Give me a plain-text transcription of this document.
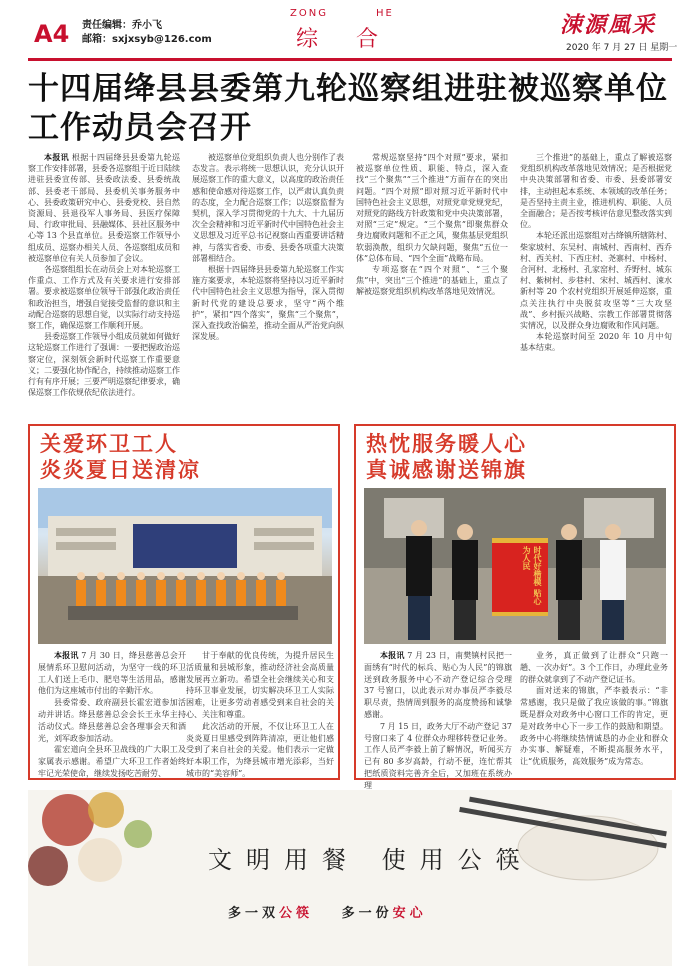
A4 责任编辑：乔小飞
邮箱：sxjxsyb@126.com
ZONG	HE
综合
涑源風采
2020 年 7 月 27 日 星期一
十四届绛县县委第九轮巡察组进驻被巡察单位工作动员会召开

本报讯 根据十四届绛县县委第九轮巡察工作安排部署，县委各巡察组于近日陆续进驻县委宣传部、县委政法委、县委统战部、县委老干部局、县委机关事务服务中心、县委政策研究中心、县委党校、县自然资源局、县退役军人事务局、县医疗保障局、行政审批局、县融媒体、县社区服务中心等 13 个县直单位。县委巡察工作领导小组成员、巡察办相关人员、各巡察组成员和被巡察单位有关人员参加了会议。

各巡察组组长在动员会上对本轮巡察工作重点、工作方式及有关要求进行安排部署。要求被巡察单位领导干部强化政治责任和政治担当，增强自觉接受监督的意识和主动配合巡察的思想自觉，以实际行动支持巡察工作，确保巡察工作顺利开展。

县委巡察工作领导小组成员就如何做好这轮巡察工作进行了强调：一要把握政治巡察定位，深刻领会新时代巡察工作重要意义；二要强化协作配合，持续推动巡察工作行有有序开展；三要严明巡察纪律要求，确保巡察工作依规依纪依法进行。

被巡察单位党组织负责人也分别作了表态发言。表示将统一思想认识，充分认识开展巡察工作的重大意义，以高度的政治责任感和使命感对待巡察工作，以严肃认真负责的态度，全力配合巡察工作；以巡察监督为契机，深入学习贯彻党的十九大、十九届历次全会精神和习近平新时代中国特色社会主义思想及习近平总书记视察山西重要讲话精神，与落实省委、市委、县委各项重大决策部署相结合。

根据十四届绛县县委第九轮巡察工作实施方案要求，本轮巡察将坚持以习近平新时代中国特色社会主义思想为指导，深入贯彻新时代党的建设总要求，坚守“两个维护”，紧扣“四个落实”，聚焦“三个聚焦”，深入查找政治偏差，推动全面从严治党向纵深发展。

常规巡察坚持“四个对照”要求，紧扣被巡察单位性质、职能、特点，深入查找“三个聚焦”“三个推进”方面存在的突出问题。“四个对照”即对照习近平新时代中国特色社会主义思想，对照党章党规党纪，对照党的路线方针政策和党中央决策部署，对照“三定”规定。“三个聚焦”即聚焦群众身边腐败问题和不正之风，聚焦基层党组织软弱涣散，组织力欠缺问题，聚焦“五位一体”总体布局、“四个全面”战略布局。

专项巡察在“四个对照”、“三个聚焦”中，突出“三个推进”的基础上，重点了解被巡察党组织机构改革落地见效情况。

三个推进”的基础上，重点了解被巡察党组织机构改革落地见效情况；是否根据党中央决策部署和省委、市委、县委部署安排，主动担起本系统、本领域的改革任务；是否坚持主责主业，推进机构、职能、人员全面融合；是否按考核评估意见整改落实到位。

本轮还派出巡察组对古绛镇所辖陈村、柴家坡村、东吴村、南城村、西南村、西乔村、西关村、下西庄村、尧寨村、中杨村、合河村、北杨村、孔家窑村、乔野村、城东村、紫树村、步巷村、宋村、城西村、涑水新村等 20 个农村党组织开展延伸巡察，重点关注执行中央脱贫攻坚等“三大攻坚战”、乡村振兴战略、宗教工作部署贯彻落实情况，以及群众身边腐败和作风问题。

本轮巡察时间至 2020 年 10 月中旬基本结束。

关爱环卫工人
炎炎夏日送清凉

本报讯 7 月 30 日，绛县慈善总会开展情系环卫慰问活动，为坚守一线的环卫工人们送上毛巾、肥皂等生活用品，感谢他们为这座城市付出的辛勤汗水。

县委常委、政府副县长霍宏道参加活动并讲话。绛县慈善总会会长王永华主持活动仪式。绛县慈善总会各理事会天和酒光，刘军政参加活动。

霍宏道向全县环卫战线的广大职工及家属表示感谢。希望广大环卫工作者始终牢记光荣使命，继续发扬吃苦耐劳、

甘于奉献的优良传统，为提升居民生活质量和县城形象，推动经济社会高质量发展再立新功。希望全社会继续关心和支持环卫事业发展，切实解决环卫工人实际困难，让更多劳动者感受到来自社会的关心、关注和尊重。

此次活动的开展，不仅让环卫工人在炎炎夏日里感受到阵阵清凉，更让他们感受到了来自社会的关爱。他们表示一定做好本职工作，为绛县城市增光添彩，当好城市的“美容师”。

热忱服务暖人心
真诚感谢送锦旗
时代好楷模 贴心为人民

本报讯 7 月 23 日，南樊镇村民把一面绣有“时代的标兵、贴心为人民”的锦旗送到政务服务中心不动产登记综合受理 37 号窗口，以此表示对办事员严李毅尽职尽责，热情周到服务的高度赞扬和诚挚感谢。

7 月 15 日，政务大厅不动产登记 37 号窗口来了 4 位群众办理移转登记业务。工作人员严李毅上前了解情况，听闻买方已有 80 多岁高龄，行动不便，连忙帮其把纸质资料完善齐全后，又加班在系统办理

业务，真正做到了让群众“只跑一趟、一次办好”。3 个工作日，办理此业务的群众就拿到了不动产登记证书。

面对送来的锦旗，严李毅表示：“非常感谢，我只是做了我应该做的事。”锦旗既是群众对政务中心窗口工作的肯定，更是对政务中心下一步工作的鼓励和期望。政务中心将继续热情诚恳的办企业和群众办实事、解疑难，不断提高服务水平，让“优质服务，高效服务”成为常态。

文明用餐 使用公筷
多一双公筷 多一份安心
